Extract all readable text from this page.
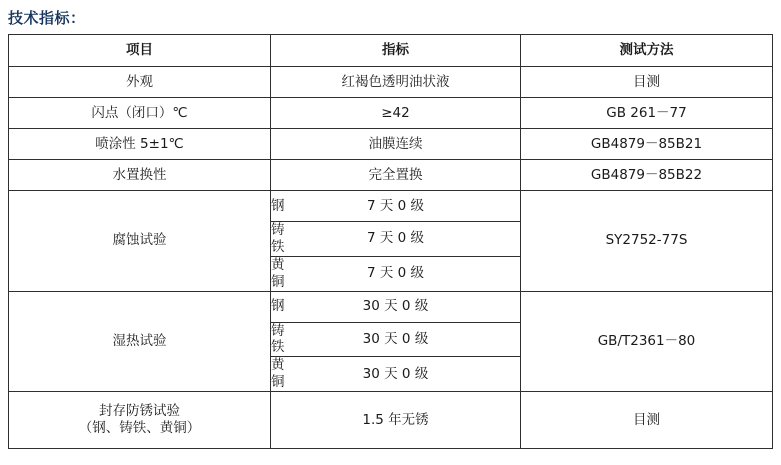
技术指标：
项目	指标	测试方法
外观	红褐色透明油状液	目测
闪点（闭口）℃	≥42	GB 261－77
喷涂性 5±1℃	油膜连续	GB4879－85B21
水置换性	完全置换	GB4879－85B22
腐蚀试验	钢	7 天 0 级	SY2752-77S
	铸铁	7 天 0 级	
	黄铜	7 天 0 级	
湿热试验	钢	30 天 0 级	GB/T2361－80
	铸铁	30 天 0 级	
	黄铜	30 天 0 级	

封存防锈试验
（钢、铸铁、黄铜）	1.5 年无锈	目测
